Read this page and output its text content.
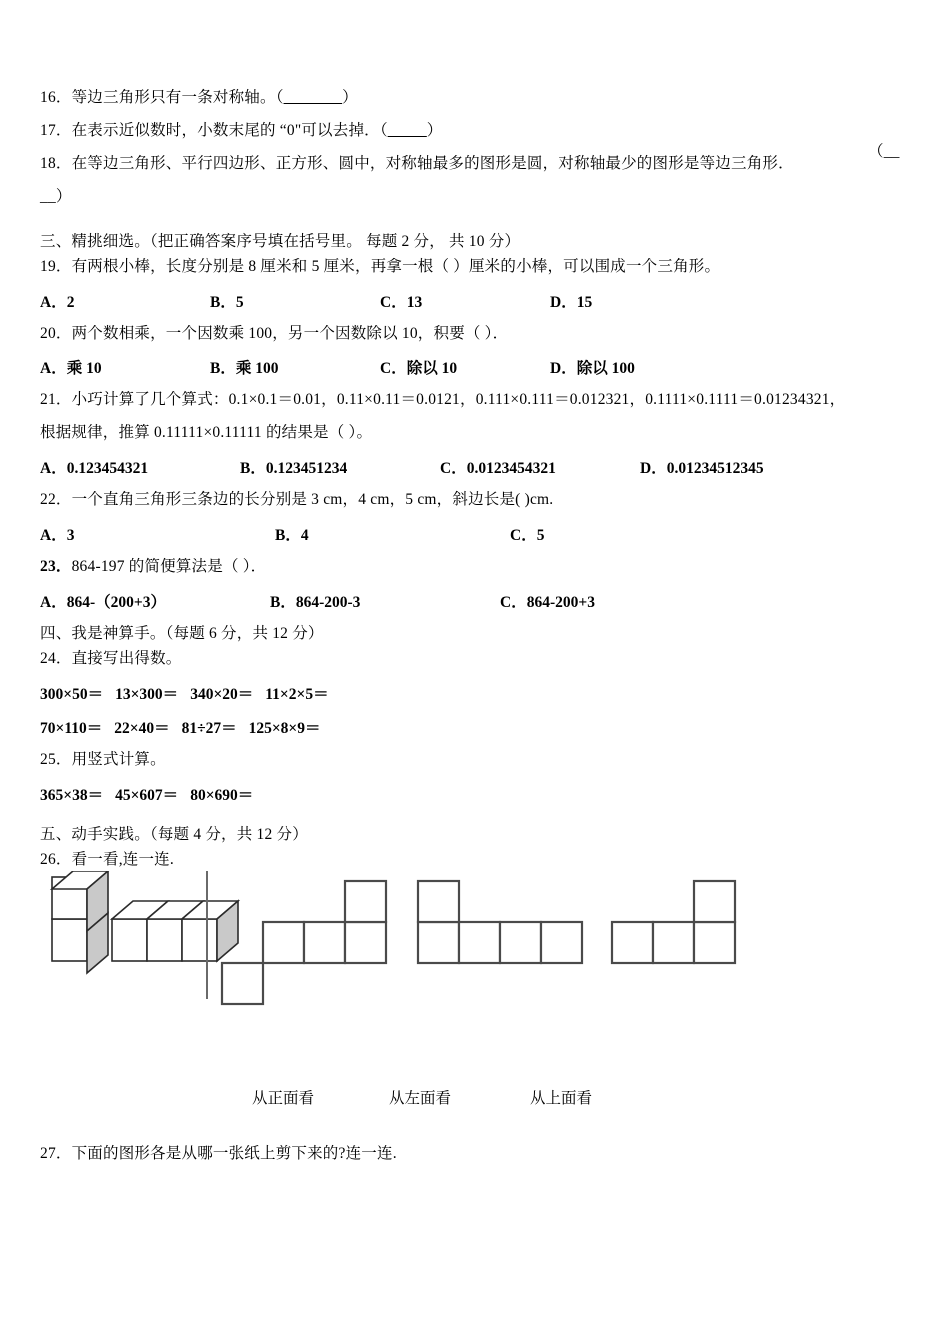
16．等边三角形只有一条对称轴。（______）
17．在表示近似数时，小数末尾的 “0"可以去掉．（____）
18．在等边三角形、平行四边形、正方形、圆中，对称轴最多的图形是圆，对称轴最少的图形是等边三角形．
（__
__）
三、精挑细选。（把正确答案序号填在括号里。 每题 2 分， 共 10 分）
19．有两根小棒，长度分别是 8 厘米和 5 厘米，再拿一根（ ）厘米的小棒，可以围成一个三角形。
A．2	B．5	C．13	D．15
20．两个数相乘，一个因数乘 100，另一个因数除以 10，积要（ ）．
A．乘 10	B．乘 100	C．除以 10	D．除以 100
21．小巧计算了几个算式：0.1×0.1＝0.01，0.11×0.11＝0.0121，0.111×0.111＝0.012321，0.1111×0.1111＝0.01234321，
根据规律，推算 0.11111×0.11111 的结果是（ ）。
A．0.123454321	B．0.123451234	C．0.0123454321	D．0.01234512345
22．一个直角三角形三条边的长分别是 3 cm，4 cm，5 cm，斜边长是( )cm.
A．3	B．4	C．5
23．864-197 的简便算法是（ ）．
A．864-（200+3）	B．864-200-3	C．864-200+3
四、我是神算手。（每题 6 分，共 12 分）
24．直接写出得数。
300×50＝ 13×300＝ 340×20＝ 11×2×5＝
70×110＝ 22×40＝ 81÷27＝ 125×8×9＝
25．用竖式计算。
365×38＝ 45×607＝ 80×690＝
五、动手实践。（每题 4 分，共 12 分）
26．看一看,连一连.
从正面看	从左面看	从上面看
27．下面的图形各是从哪一张纸上剪下来的?连一连.
